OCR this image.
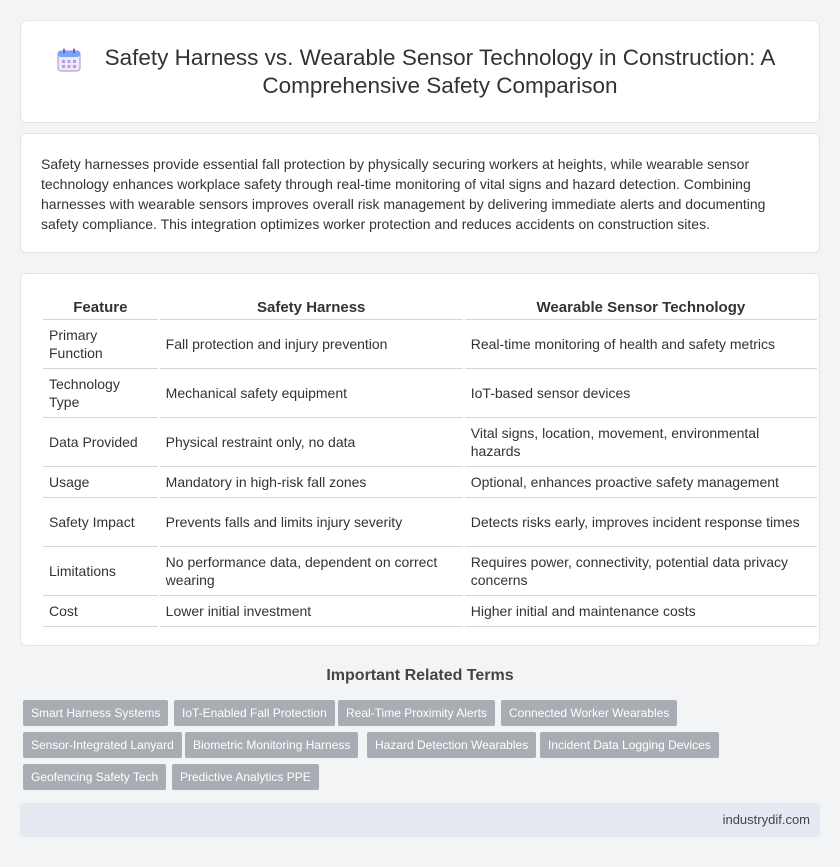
Safety Harness vs. Wearable Sensor Technology in Construction: A Comprehensive Safety Comparison

Safety harnesses provide essential fall protection by physically securing workers at heights, while wearable sensor technology enhances workplace safety through real-time monitoring of vital signs and hazard detection. Combining harnesses with wearable sensors improves overall risk management by delivering immediate alerts and documenting safety compliance. This integration optimizes worker protection and reduces accidents on construction sites.

Feature	Safety Harness	Wearable Sensor Technology
Primary Function	Fall protection and injury prevention	Real-time monitoring of health and safety metrics
Technology Type	Mechanical safety equipment	IoT-based sensor devices
Data Provided	Physical restraint only, no data	Vital signs, location, movement, environmental hazards
Usage	Mandatory in high-risk fall zones	Optional, enhances proactive safety management
Safety Impact	Prevents falls and limits injury severity	Detects risks early, improves incident response times
Limitations	No performance data, dependent on correct wearing	Requires power, connectivity, potential data privacy concerns
Cost	Lower initial investment	Higher initial and maintenance costs
Important Related Terms
Smart Harness Systems	IoT-Enabled Fall Protection	Real-Time Proximity Alerts	Connected Worker Wearables
Sensor-Integrated Lanyard	Biometric Monitoring Harness	Hazard Detection Wearables	Incident Data Logging Devices
Geofencing Safety Tech	Predictive Analytics PPE
industrydif.com
